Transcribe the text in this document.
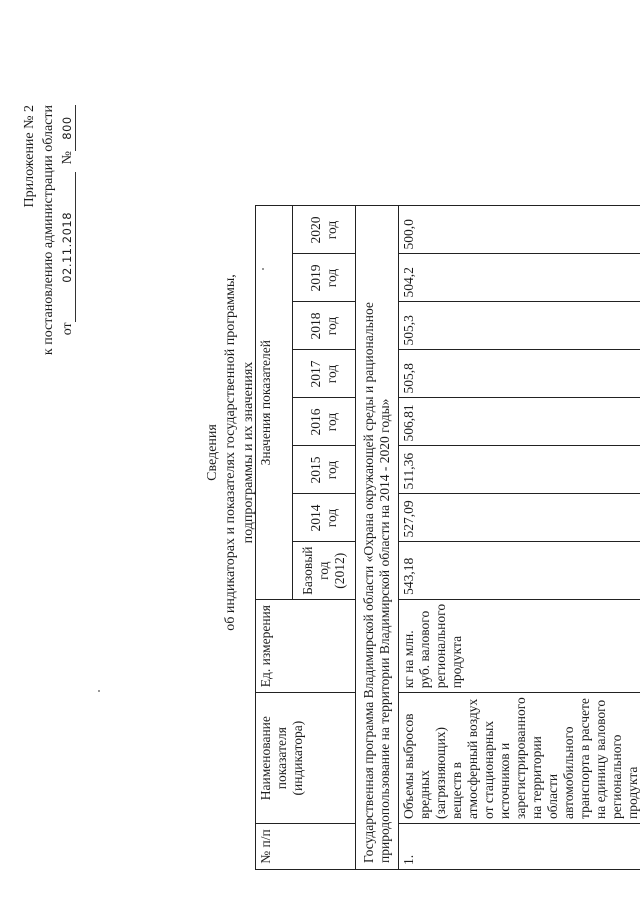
Приложение № 2 к постановлению администрации области от
02.11.2018
№
800
Сведения об индикаторах и показателях государственной программы, подпрограммы и их значениях
№ п/п	Наименование показателя (индикатора)	Ед. измерения	Значения показателей							
			Базовый год (2012)	2014 год	2015 год	2016 год	2017 год	2018 год	2019 год	2020 год
Государственная программа Владимирской области «Охрана окружающей среды и рациональное природопользование на территории Владимирской области на 2014 - 2020 годы»										
1.	Объемы выбросов вредных (загрязняющих) веществ в атмосферный воздух от стационарных источников и зарегистрированного на территории области автомобильного транспорта в расчете на единицу валового регионального продукта	кг на млн. руб. валового регионального продукта	543,18	527,09	511,36	506,81	505,8	505,3	504,2	500,0
